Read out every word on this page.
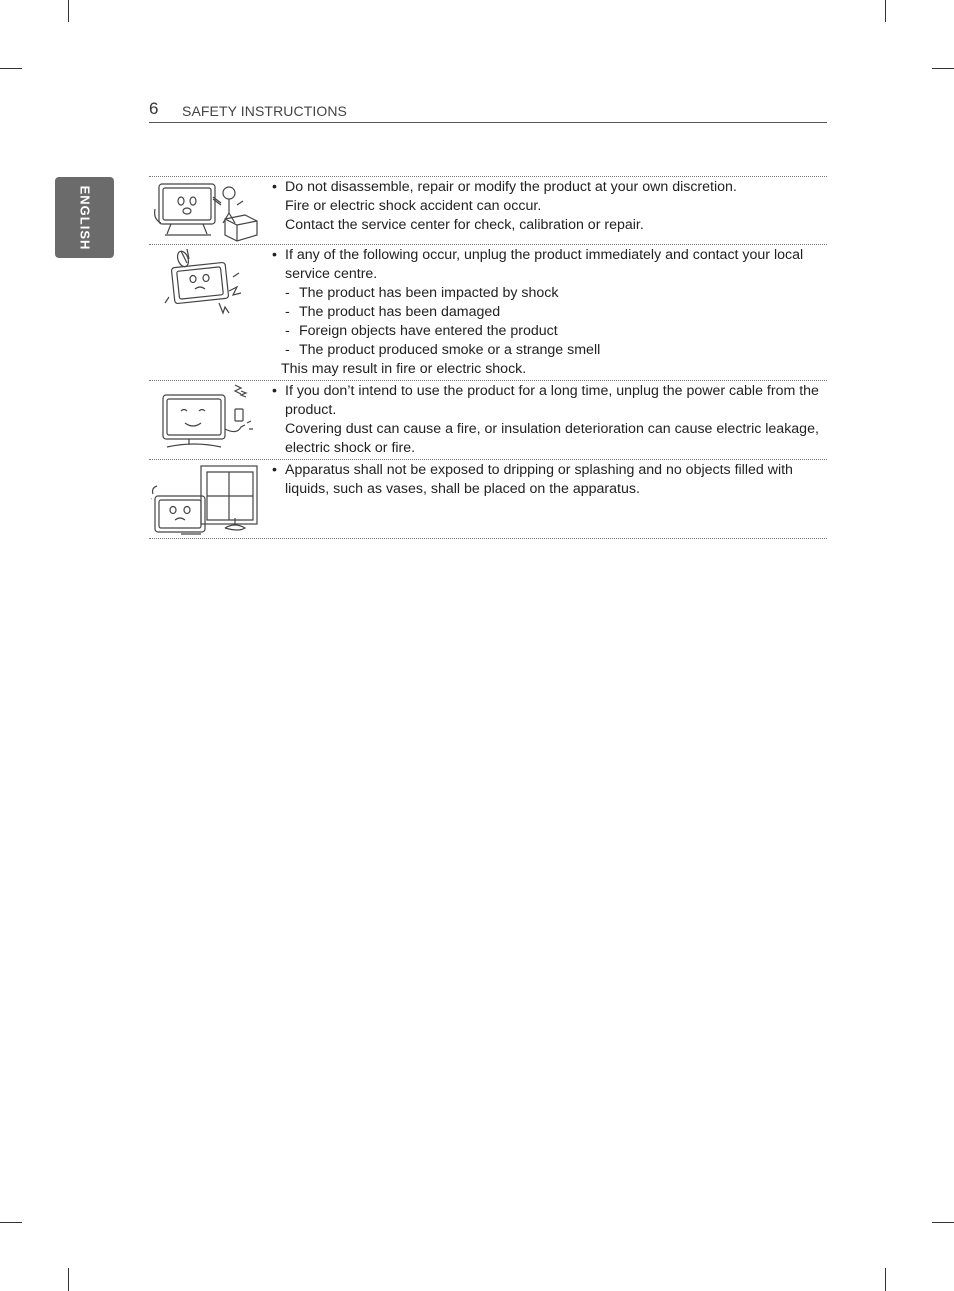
6 SAFETY INSTRUCTIONS
ENGLISH	• Do not disassemble, repair or modify the product at your own discretion.
Fire or electric shock accident can occur.
Contact the service center for check, calibration or repair.
• If any of the following occur, unplug the product immediately and contact your local service centre.
- The product has been impacted by shock
- The product has been damaged
- Foreign objects have entered the product
- The product produced smoke or a strange smell
This may result in fire or electric shock.
• If you don’t intend to use the product for a long time, unplug the power cable from the product.
Covering dust can cause a fire, or insulation deterioration can cause electric leakage, electric shock or fire.
• Apparatus shall not be exposed to dripping or splashing and no objects filled with liquids, such as vases, shall be placed on the apparatus.
